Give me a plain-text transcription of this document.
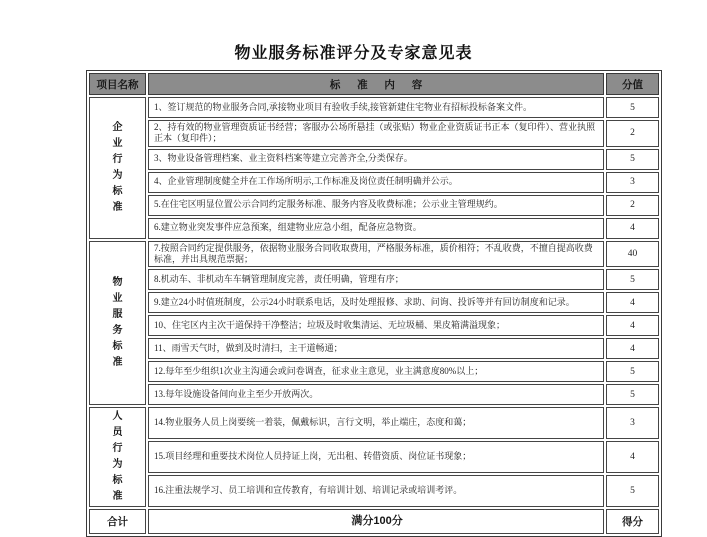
物业服务标准评分及专家意见表
项目名称	标准内容	分值
企业行为标准	1、签订规范的物业服务合同,承接物业项目有验收手续,接管新建住宅物业有招标投标备案文件。	5
	2、持有效的物业管理资质证书经营；客服办公场所悬挂（或张贴）物业企业资质证书正本（复印件）、营业执照正本（复印件）；	2
	3、物业设备管理档案、业主资料档案等建立完善齐全,分类保存。	5
	4、企业管理制度健全并在工作场所明示,工作标准及岗位责任制明确并公示。	3
	5.在住宅区明显位置公示合同约定服务标准、服务内容及收费标准；公示业主管理规约。	2
	6.建立物业突发事件应急预案，组建物业应急小组，配备应急物资。	4
物业服务标准	7.按照合同约定提供服务，依据物业服务合同收取费用，严格服务标准，质价相符；不乱收费，不擅自提高收费标准，并出具规范票据；	40
	8.机动车、非机动车车辆管理制度完善，责任明确，管理有序；	5
	9.建立24小时值班制度，公示24小时联系电话，及时处理报修、求助、问询、投诉等并有回访制度和记录。	4
	10、住宅区内主次干道保持干净整洁；垃圾及时收集清运、无垃圾桶、果皮箱满溢现象；	4
	11、雨雪天气时，做到及时清扫，主干道畅通；	4
	12.每年至少组织1次业主沟通会或问卷调查，征求业主意见，业主满意度80%以上；	5
	13.每年设施设备间向业主至少开放两次。	5
人员行为标准	14.物业服务人员上岗要统一着装，佩戴标识，言行文明，举止端庄，态度和蔼；	3
	15.项目经理和重要技术岗位人员持证上岗，无出租、转借资质、岗位证书现象；	4
	16.注重法规学习、员工培训和宣传教育，有培训计划、培训记录或培训考评。	5
合计	满分100分	得分
